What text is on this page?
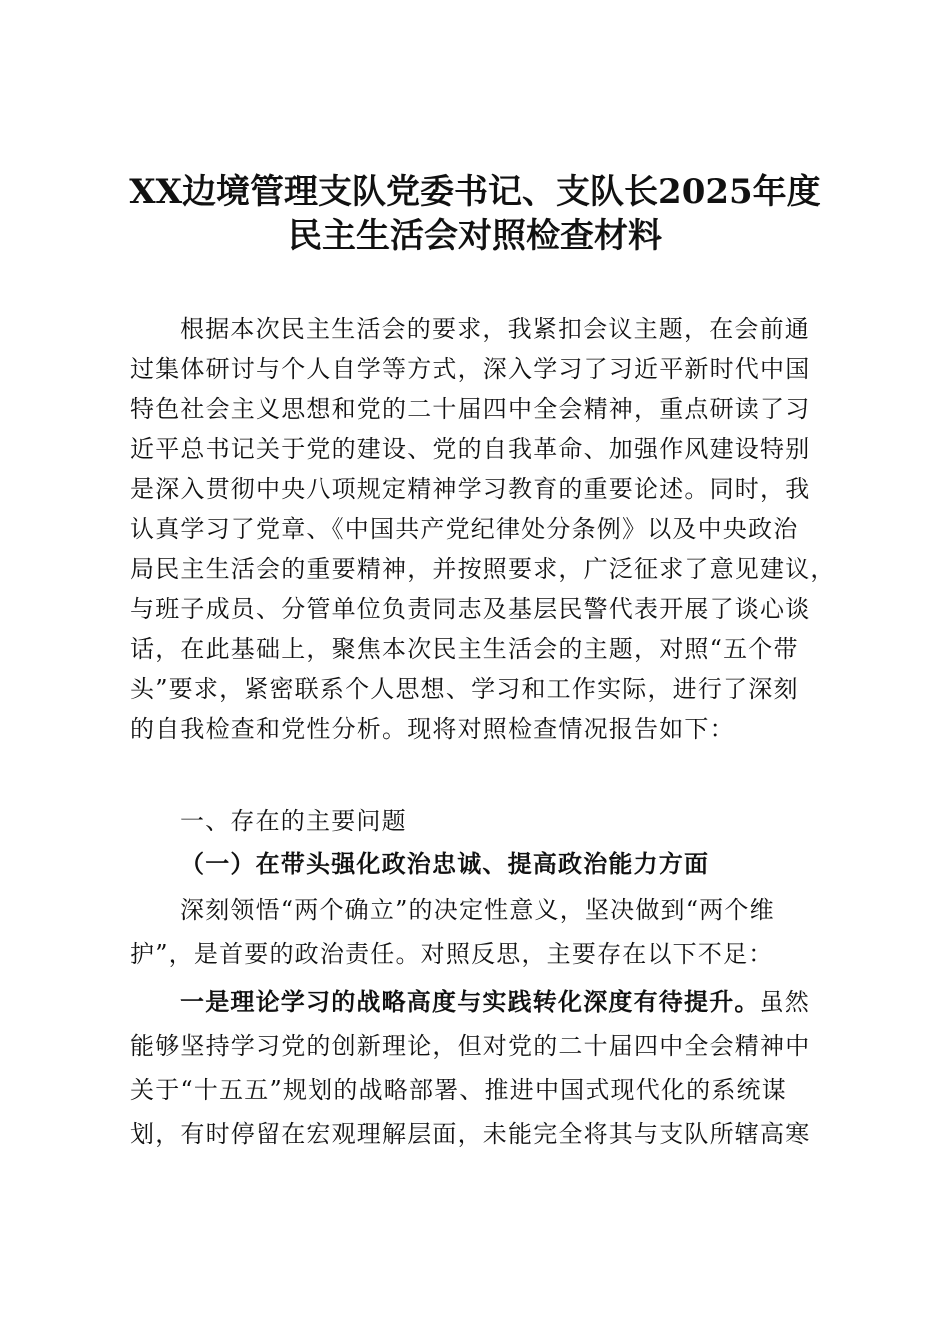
XX边境管理支队党委书记、支队长2025年度
民主生活会对照检查材料
根据本次民主生活会的要求，我紧扣会议主题，在会前通
过集体研讨与个人自学等方式，深入学习了习近平新时代中国
特色社会主义思想和党的二十届四中全会精神，重点研读了习
近平总书记关于党的建设、党的自我革命、加强作风建设特别
是深入贯彻中央八项规定精神学习教育的重要论述。同时，我
认真学习了党章、《中国共产党纪律处分条例》以及中央政治
局民主生活会的重要精神，并按照要求，广泛征求了意见建议，
与班子成员、分管单位负责同志及基层民警代表开展了谈心谈
话，在此基础上，聚焦本次民主生活会的主题，对照“五个带
头”要求，紧密联系个人思想、学习和工作实际，进行了深刻
的自我检查和党性分析。现将对照检查情况报告如下：
一、存在的主要问题
（一）在带头强化政治忠诚、提高政治能力方面
深刻领悟“两个确立”的决定性意义，坚决做到“两个维
护”，是首要的政治责任。对照反思，主要存在以下不足：
一是理论学习的战略高度与实践转化深度有待提升。虽然
能够坚持学习党的创新理论，但对党的二十届四中全会精神中
关于“十五五”规划的战略部署、推进中国式现代化的系统谋
划，有时停留在宏观理解层面，未能完全将其与支队所辖高寒
